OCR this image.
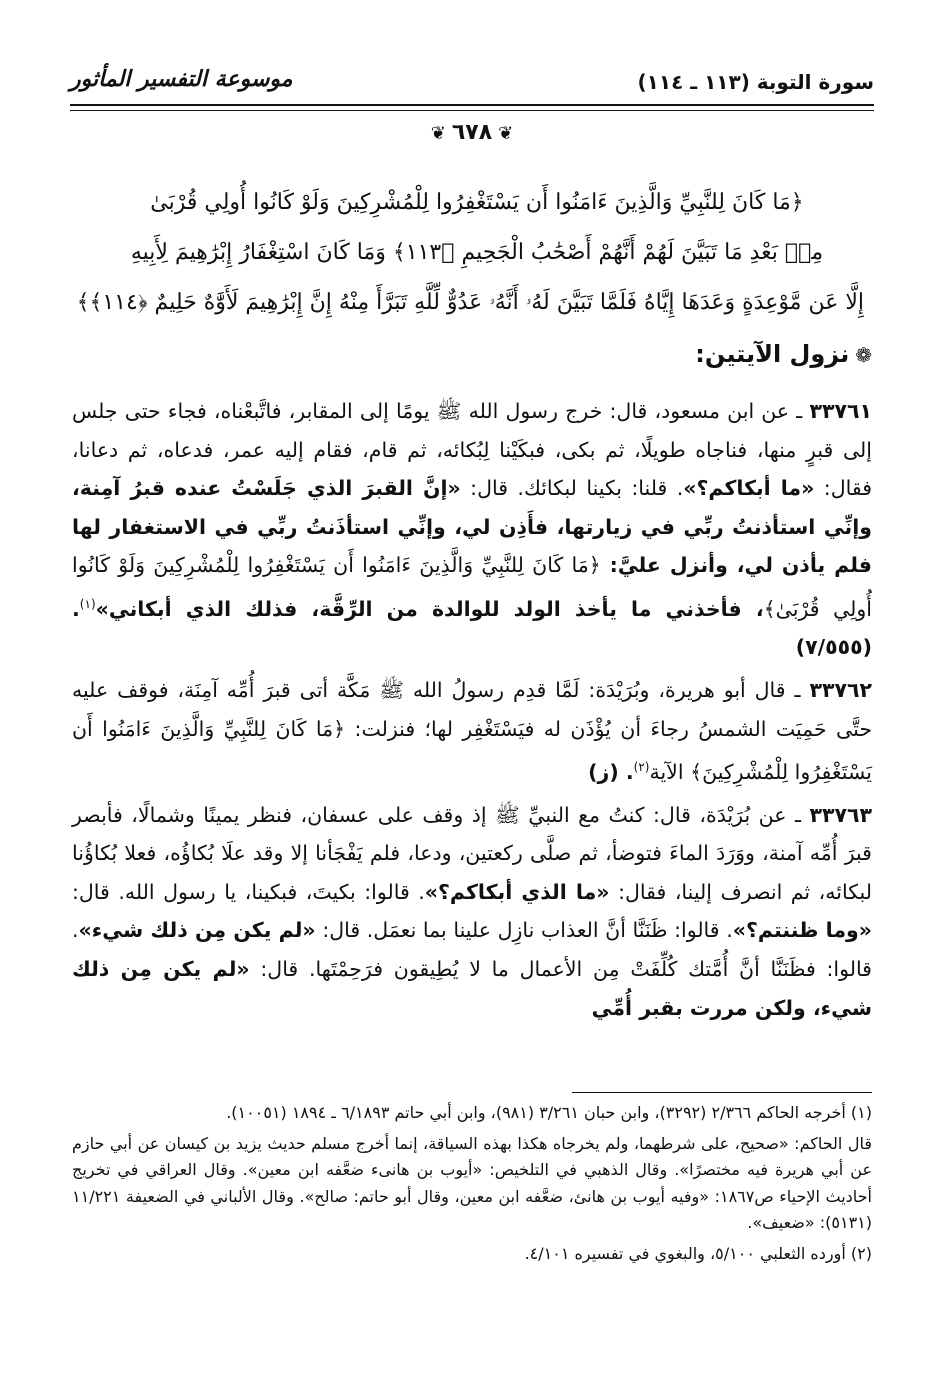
سورة التوبة (١١٣ ـ ١١٤)
موسوعة التفسير المأثور
❦٦٧٨❦
﴿مَا كَانَ لِلنَّبِيِّ وَالَّذِينَ ءَامَنُوا أَن يَسْتَغْفِرُوا لِلْمُشْرِكِينَ وَلَوْ كَانُوا أُولِي قُرْبَىٰ
مِنۢ بَعْدِ مَا تَبَيَّنَ لَهُمْ أَنَّهُمْ أَصْحَٰبُ الْجَحِيمِ ﴿١١٣﴾ وَمَا كَانَ اسْتِغْفَارُ إِبْرَٰهِيمَ لِأَبِيهِ
إِلَّا عَن مَّوْعِدَةٍ وَعَدَهَا إِيَّاهُ فَلَمَّا تَبَيَّنَ لَهُۥ أَنَّهُۥ عَدُوٌّ لِّلَّهِ تَبَرَّأَ مِنْهُ إِنَّ إِبْرَٰهِيمَ لَأَوَّٰهٌ حَلِيمٌ ﴿١١٤﴾﴾
❁نزول الآيتين:

٣٣٧٦١ ـ عن ابن مسعود، قال: خرج رسول الله ﷺ يومًا إلى المقابر، فاتَّبعْناه، فجاء حتى جلس إلى قبرٍ منها، فناجاه طويلًا، ثم بكى، فبكَيْنا لِبُكائه، ثم قام، فقام إليه عمر، فدعاه، ثم دعانا، فقال: «ما أبكاكم؟». قلنا: بكينا لبكائك. قال: «إنَّ القبرَ الذي جَلَسْتُ عنده قبرُ آمِنة، وإنِّي استأذنتُ ربِّي في زيارتها، فأَذِن لي، وإنِّي استأذَنتُ ربِّي في الاستغفار لها فلم يأذن لي، وأنزل عليَّ: ﴿مَا كَانَ لِلنَّبِيِّ وَالَّذِينَ ءَامَنُوا أَن يَسْتَغْفِرُوا لِلْمُشْرِكِينَ وَلَوْ كَانُوا أُولِي قُرْبَىٰ﴾، فأخذني ما يأخذ الولد للوالدة من الرِّقَّة، فذلك الذي أبكاني»$^{(١)}$. (٧/٥٥٥)

٣٣٧٦٢ ـ قال أبو هريرة، وبُرَيْدَة: لَمَّا قدِم رسولُ الله ﷺ مَكَّة أتى قبرَ أُمِّه آمِنَة، فوقف عليه حتَّى حَمِيَت الشمسُ رجاءَ أن يُؤْذَن له فيَسْتَغْفِر لها؛ فنزلت: ﴿مَا كَانَ لِلنَّبِيِّ وَالَّذِينَ ءَامَنُوا أَن يَسْتَغْفِرُوا لِلْمُشْرِكِينَ﴾ الآية$^{(٢)}$. (ز)

٣٣٧٦٣ ـ عن بُرَيْدَة، قال: كنتُ مع النبيِّ ﷺ إذ وقف على عسفان، فنظر يمينًا وشمالًا، فأبصر قبرَ أُمِّه آمنة، ووَرَدَ الماءَ فتوضأ، ثم صلَّى ركعتين، ودعا، فلم يَفْجَأنا إلا وقد علَا بُكاؤُه، فعلا بُكاؤُنا لبكائه، ثم انصرف إلينا، فقال: «ما الذي أبكاكم؟». قالوا: بكيتَ، فبكينا، يا رسول الله. قال: «وما ظننتم؟». قالوا: ظَنَنَّا أنَّ العذاب نازِل علينا بما نعمَل. قال: «لم يكن مِن ذلك شيء». قالوا: فظَنَنَّا أنَّ أُمَّتك كُلِّفَتْ مِن الأعمال ما لا يُطِيقون فرَحِمْتَها. قال: «لم يكن مِن ذلك شيء، ولكن مررت بقبر أُمِّي

(١) أخرجه الحاكم ٢/٣٦٦ (٣٢٩٢)، وابن حبان ٣/٢٦١ (٩٨١)، وابن أبي حاتم ٦/١٨٩٣ ـ ١٨٩٤ (١٠٠٥١).

قال الحاكم: «صحيح، على شرطهما، ولم يخرجاه هكذا بهذه السياقة، إنما أخرج مسلم حديث يزيد بن كيسان عن أبي حازم عن أبي هريرة فيه مختصرًا». وقال الذهبي في التلخيص: «أيوب بن هانىء ضعَّفه ابن معين». وقال العراقي في تخريج أحاديث الإحياء ص١٨٦٧: «وفيه أيوب بن هانئ، ضعَّفه ابن معين، وقال أبو حاتم: صالح». وقال الألباني في الضعيفة ١١/٢٢١ (٥١٣١): «ضعيف».

(٢) أورده الثعلبي ٥/١٠٠، والبغوي في تفسيره ٤/١٠١.
